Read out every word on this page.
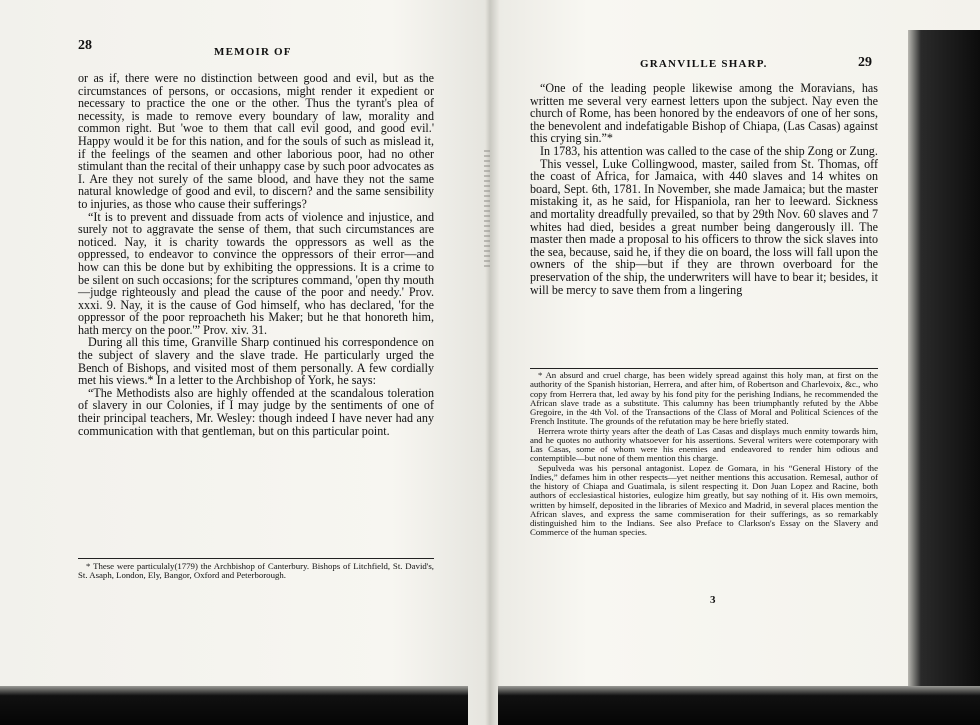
28	MEMOIR OF

or as if, there were no distinction between good and evil, but as the circumstances of persons, or occasions, might render it expedient or necessary to practice the one or the other. Thus the tyrant's plea of necessity, is made to remove every boundary of law, morality and common right. But 'woe to them that call evil good, and good evil.' Happy would it be for this nation, and for the souls of such as mislead it, if the feelings of the seamen and other laborious poor, had no other stimulant than the recital of their unhappy case by such poor advocates as I. Are they not surely of the same blood, and have they not the same natural knowledge of good and evil, to discern? and the same sensibility to injuries, as those who cause their sufferings?

“It is to prevent and dissuade from acts of violence and injustice, and surely not to aggravate the sense of them, that such circumstances are noticed. Nay, it is charity towards the oppressors as well as the oppressed, to endeavor to convince the oppressors of their error—and how can this be done but by exhibiting the oppressions. It is a crime to be silent on such occasions; for the scriptures command, 'open thy mouth—judge righteously and plead the cause of the poor and needy.' Prov. xxxi. 9. Nay, it is the cause of God himself, who has declared, 'for the oppressor of the poor reproacheth his Maker; but he that honoreth him, hath mercy on the poor.'” Prov. xiv. 31.

During all this time, Granville Sharp continued his correspondence on the subject of slavery and the slave trade. He particularly urged the Bench of Bishops, and visited most of them personally. A few cordially met his views.* In a letter to the Archbishop of York, he says:

“The Methodists also are highly offended at the scandalous toleration of slavery in our Colonies, if I may judge by the sentiments of one of their principal teachers, Mr. Wesley: though indeed I have never had any communication with that gentleman, but on this particular point.

* These were particulaly(1779) the Archbishop of Canterbury. Bishops of Litchfield, St. David's, St. Asaph, London, Ely, Bangor, Oxford and Peterborough.

GRANVILLE SHARP.	29

“One of the leading people likewise among the Moravians, has written me several very earnest letters upon the subject. Nay even the church of Rome, has been honored by the endeavors of one of her sons, the benevolent and indefatigable Bishop of Chiapa, (Las Casas) against this crying sin.”*

In 1783, his attention was called to the case of the ship Zong or Zung.

This vessel, Luke Collingwood, master, sailed from St. Thomas, off the coast of Africa, for Jamaica, with 440 slaves and 14 whites on board, Sept. 6th, 1781. In November, she made Jamaica; but the master mistaking it, as he said, for Hispaniola, ran her to leeward. Sickness and mortality dreadfully prevailed, so that by 29th Nov. 60 slaves and 7 whites had died, besides a great number being dangerously ill. The master then made a proposal to his officers to throw the sick slaves into the sea, because, said he, if they die on board, the loss will fall upon the owners of the ship—but if they are thrown overboard for the preservation of the ship, the underwriters will have to bear it; besides, it will be mercy to save them from a lingering

* An absurd and cruel charge, has been widely spread against this holy man, at first on the authority of the Spanish historian, Herrera, and after him, of Robertson and Charlevoix, &c., who copy from Herrera that, led away by his fond pity for the perishing Indians, he recommended the African slave trade as a substitute. This calumny has been triumphantly refuted by the Abbe Gregoire, in the 4th Vol. of the Transactions of the Class of Moral and Political Sciences of the French Institute. The grounds of the refutation may be here briefly stated.

Herrera wrote thirty years after the death of Las Casas and displays much enmity towards him, and he quotes no authority whatsoever for his assertions. Several writers were cotemporary with Las Casas, some of whom were his enemies and endeavored to render him odious and contemptible—but none of them mention this charge.

Sepulveda was his personal antagonist. Lopez de Gomara, in his “General History of the Indies,” defames him in other respects—yet neither mentions this accusation. Remesal, author of the history of Chiapa and Guatimala, is silent respecting it. Don Juan Lopez and Racine, both authors of ecclesiastical histories, eulogize him greatly, but say nothing of it. His own memoirs, written by himself, deposited in the libraries of Mexico and Madrid, in several places mention the African slaves, and express the same commiseration for their sufferings, as so remarkably distinguished him to the Indians. See also Preface to Clarkson's Essay on the Slavery and Commerce of the human species.

3
